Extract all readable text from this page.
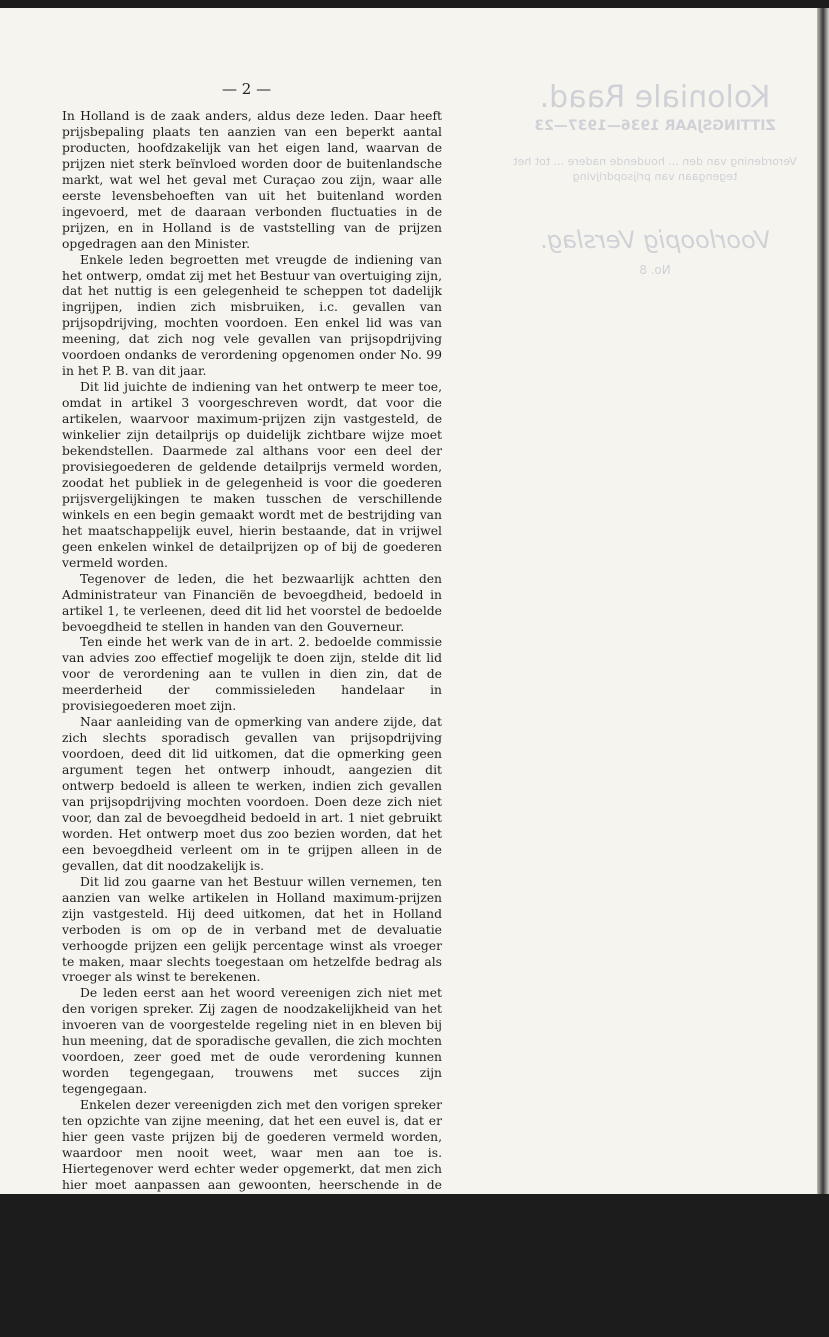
Koloniale Raad.
ZITTINGSJAAR 1936—1937—23
Verordening van den ... houdende nadere ... tot het tegengaan van prijsopdrijving
Voorloopig Verslag.
No. 8
— 2 —

In Holland is de zaak anders, aldus deze leden. Daar heeft prijsbepaling plaats ten aanzien van een beperkt aantal producten, hoofdzakelijk van het eigen land, waarvan de prijzen niet sterk beïnvloed worden door de buitenlandsche markt, wat wel het geval met Curaçao zou zijn, waar alle eerste levensbehoeften van uit het buitenland worden ingevoerd, met de daaraan verbonden fluctuaties in de prijzen, en in Holland is de vaststelling van de prijzen opgedragen aan den Minister.

Enkele leden begroetten met vreugde de indiening van het ontwerp, omdat zij met het Bestuur van overtuiging zijn, dat het nuttig is een gelegenheid te scheppen tot dadelijk ingrijpen, indien zich misbruiken, i.c. gevallen van prijsopdrijving, mochten voordoen. Een enkel lid was van meening, dat zich nog vele gevallen van prijsopdrijving voordoen ondanks de verordening opgenomen onder No. 99 in het P. B. van dit jaar.

Dit lid juichte de indiening van het ontwerp te meer toe, omdat in artikel 3 voorgeschreven wordt, dat voor die artikelen, waarvoor maximum-prijzen zijn vastgesteld, de winkelier zijn detailprijs op duidelijk zichtbare wijze moet bekendstellen. Daarmede zal althans voor een deel der provisiegoederen de geldende detailprijs vermeld worden, zoodat het publiek in de gelegenheid is voor die goederen prijsvergelijkingen te maken tusschen de verschillende winkels en een begin gemaakt wordt met de bestrijding van het maatschappelijk euvel, hierin bestaande, dat in vrijwel geen enkelen winkel de detailprijzen op of bij de goederen vermeld worden.

Tegenover de leden, die het bezwaarlijk achtten den Administrateur van Financiën de bevoegdheid, bedoeld in artikel 1, te verleenen, deed dit lid het voorstel de bedoelde bevoegdheid te stellen in handen van den Gouverneur.

Ten einde het werk van de in art. 2. bedoelde commissie van advies zoo effectief mogelijk te doen zijn, stelde dit lid voor de verordening aan te vullen in dien zin, dat de meerderheid der commissieleden handelaar in provisiegoederen moet zijn.

Naar aanleiding van de opmerking van andere zijde, dat zich slechts sporadisch gevallen van prijsopdrijving voordoen, deed dit lid uitkomen, dat die opmerking geen argument tegen het ontwerp inhoudt, aangezien dit ontwerp bedoeld is alleen te werken, indien zich gevallen van prijsopdrijving mochten voordoen. Doen deze zich niet voor, dan zal de bevoegdheid bedoeld in art. 1 niet gebruikt worden. Het ontwerp moet dus zoo bezien worden, dat het een bevoegdheid verleent om in te grijpen alleen in de gevallen, dat dit noodzakelijk is.

Dit lid zou gaarne van het Bestuur willen vernemen, ten aanzien van welke artikelen in Holland maximum-prijzen zijn vastgesteld. Hij deed uitkomen, dat het in Holland verboden is om op de in verband met de devaluatie verhoogde prijzen een gelijk percentage winst als vroeger te maken, maar slechts toegestaan om hetzelfde bedrag als vroeger als winst te berekenen.

De leden eerst aan het woord vereenigen zich niet met den vorigen spreker. Zij zagen de noodzakelijkheid van het invoeren van de voorgestelde regeling niet in en bleven bij hun meening, dat de sporadische gevallen, die zich mochten voordoen, zeer goed met de oude verordening kunnen worden tegengegaan, trouwens met succes zijn tegengegaan.

Enkelen dezer vereenigden zich met den vorigen spreker ten opzichte van zijne meening, dat het een euvel is, dat er hier geen vaste prijzen bij de goederen vermeld worden, waardoor men nooit weet, waar men aan toe is. Hiertegenover werd echter weder opgemerkt, dat men zich hier moet aanpassen aan gewoonten, heerschende in de omliggende landen, waar het gebruik is, geen vaste prijzen te hebben. Men moest het in den handel vooral vroeger, immers van koopers uit de naburige staten hebben; de eigen bevolking kon niet veel koopen.

Met het verbod in Holland om op de in verband met de devaluatie verhoogde prijzen een gelijk percentage winst als vroeger te maken, zouden de tegenstanders van het ontwerp zich voor Curaçao gansch niet kunnen vereenigen. Zij betoogden,
